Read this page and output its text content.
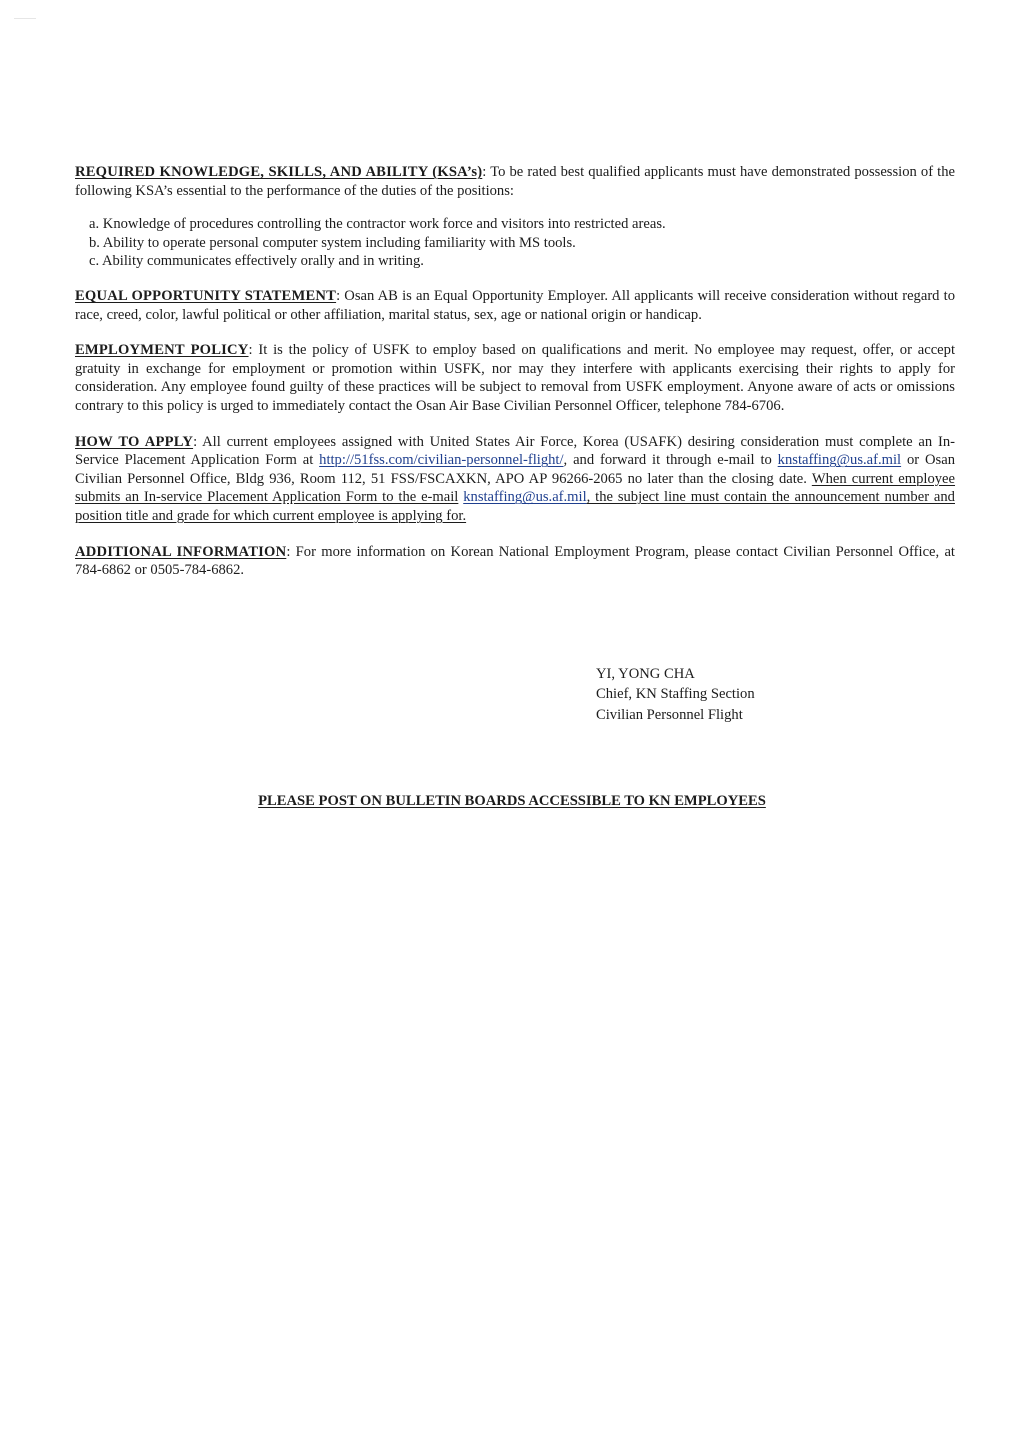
REQUIRED KNOWLEDGE, SKILLS, AND ABILITY (KSA’s): To be rated best qualified applicants must have demonstrated possession of the following KSA’s essential to the performance of the duties of the positions:

a. Knowledge of procedures controlling the contractor work force and visitors into restricted areas.
b. Ability to operate personal computer system including familiarity with MS tools.
c. Ability communicates effectively orally and in writing.

EQUAL OPPORTUNITY STATEMENT: Osan AB is an Equal Opportunity Employer. All applicants will receive consideration without regard to race, creed, color, lawful political or other affiliation, marital status, sex, age or national origin or handicap.

EMPLOYMENT POLICY: It is the policy of USFK to employ based on qualifications and merit. No employee may request, offer, or accept gratuity in exchange for employment or promotion within USFK, nor may they interfere with applicants exercising their rights to apply for consideration. Any employee found guilty of these practices will be subject to removal from USFK employment. Anyone aware of acts or omissions contrary to this policy is urged to immediately contact the Osan Air Base Civilian Personnel Officer, telephone 784-6706.

HOW TO APPLY: All current employees assigned with United States Air Force, Korea (USAFK) desiring consideration must complete an In-Service Placement Application Form at http://51fss.com/civilian-personnel-flight/, and forward it through e-mail to knstaffing@us.af.mil or Osan Civilian Personnel Office, Bldg 936, Room 112, 51 FSS/FSCAXKN, APO AP 96266-2065 no later than the closing date. When current employee submits an In-service Placement Application Form to the e-mail knstaffing@us.af.mil, the subject line must contain the announcement number and position title and grade for which current employee is applying for.

ADDITIONAL INFORMATION: For more information on Korean National Employment Program, please contact Civilian Personnel Office, at 784-6862 or 0505-784-6862.

YI, YONG CHA
Chief, KN Staffing Section
Civilian Personnel Flight
PLEASE POST ON BULLETIN BOARDS ACCESSIBLE TO KN EMPLOYEES
